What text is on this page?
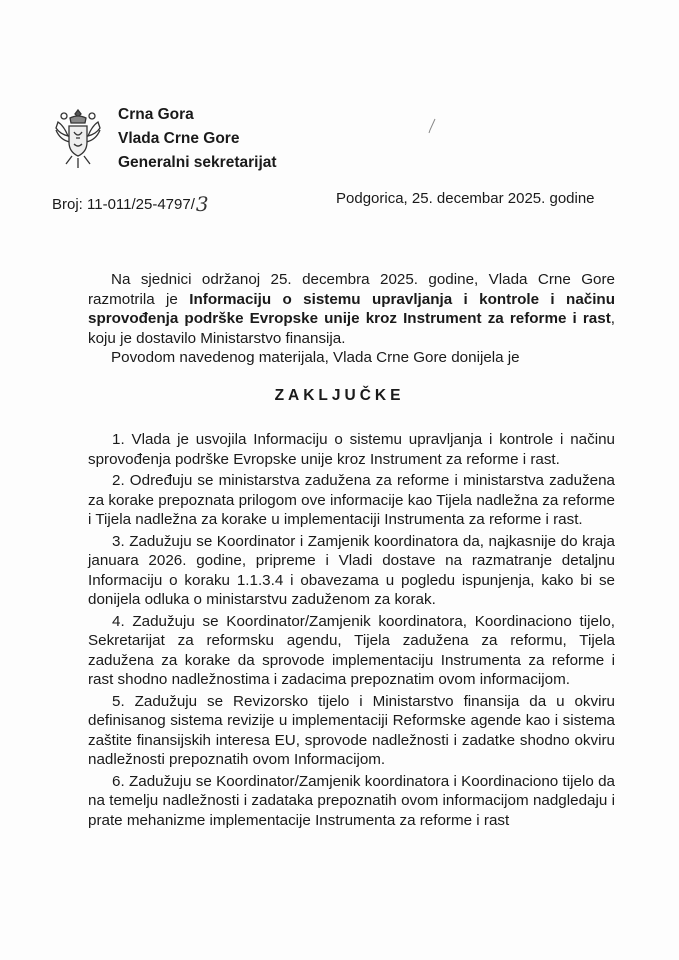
Crna Gora
Vlada Crne Gore
Generalni sekretarijat
Broj: 11-011/25-4797/3	Podgorica, 25. decembar 2025. godine

Na sjednici održanoj 25. decembra 2025. godine, Vlada Crne Gore razmotrila je Informaciju o sistemu upravljanja i kontrole i načinu sprovođenja podrške Evropske unije kroz Instrument za reforme i rast, koju je dostavilo Ministarstvo finansija.

Povodom navedenog materijala, Vlada Crne Gore donijela je

ZAKLJUČKE

1. Vlada je usvojila Informaciju o sistemu upravljanja i kontrole i načinu sprovođenja podrške Evropske unije kroz Instrument za reforme i rast.

2. Određuju se ministarstva zadužena za reforme i ministarstva zadužena za korake prepoznata prilogom ove informacije kao Tijela nadležna za reforme i Tijela nadležna za korake u implementaciji Instrumenta za reforme i rast.

3. Zadužuju se Koordinator i Zamjenik koordinatora da, najkasnije do kraja januara 2026. godine, pripreme i Vladi dostave na razmatranje detaljnu Informaciju o koraku 1.1.3.4 i obavezama u pogledu ispunjenja, kako bi se donijela odluka o ministarstvu zaduženom za korak.

4. Zadužuju se Koordinator/Zamjenik koordinatora, Koordinaciono tijelo, Sekretarijat za reformsku agendu, Tijela zadužena za reformu, Tijela zadužena za korake da sprovode implementaciju Instrumenta za reforme i rast shodno nadležnostima i zadacima prepoznatim ovom informacijom.

5. Zadužuju se Revizorsko tijelo i Ministarstvo finansija da u okviru definisanog sistema revizije u implementaciji Reformske agende kao i sistema zaštite finansijskih interesa EU, sprovode nadležnosti i zadatke shodno okviru nadležnosti prepoznatih ovom Informacijom.

6. Zadužuju se Koordinator/Zamjenik koordinatora i Koordinaciono tijelo da na temelju nadležnosti i zadataka prepoznatih ovom informacijom nadgledaju i prate mehanizme implementacije Instrumenta za reforme i rast
